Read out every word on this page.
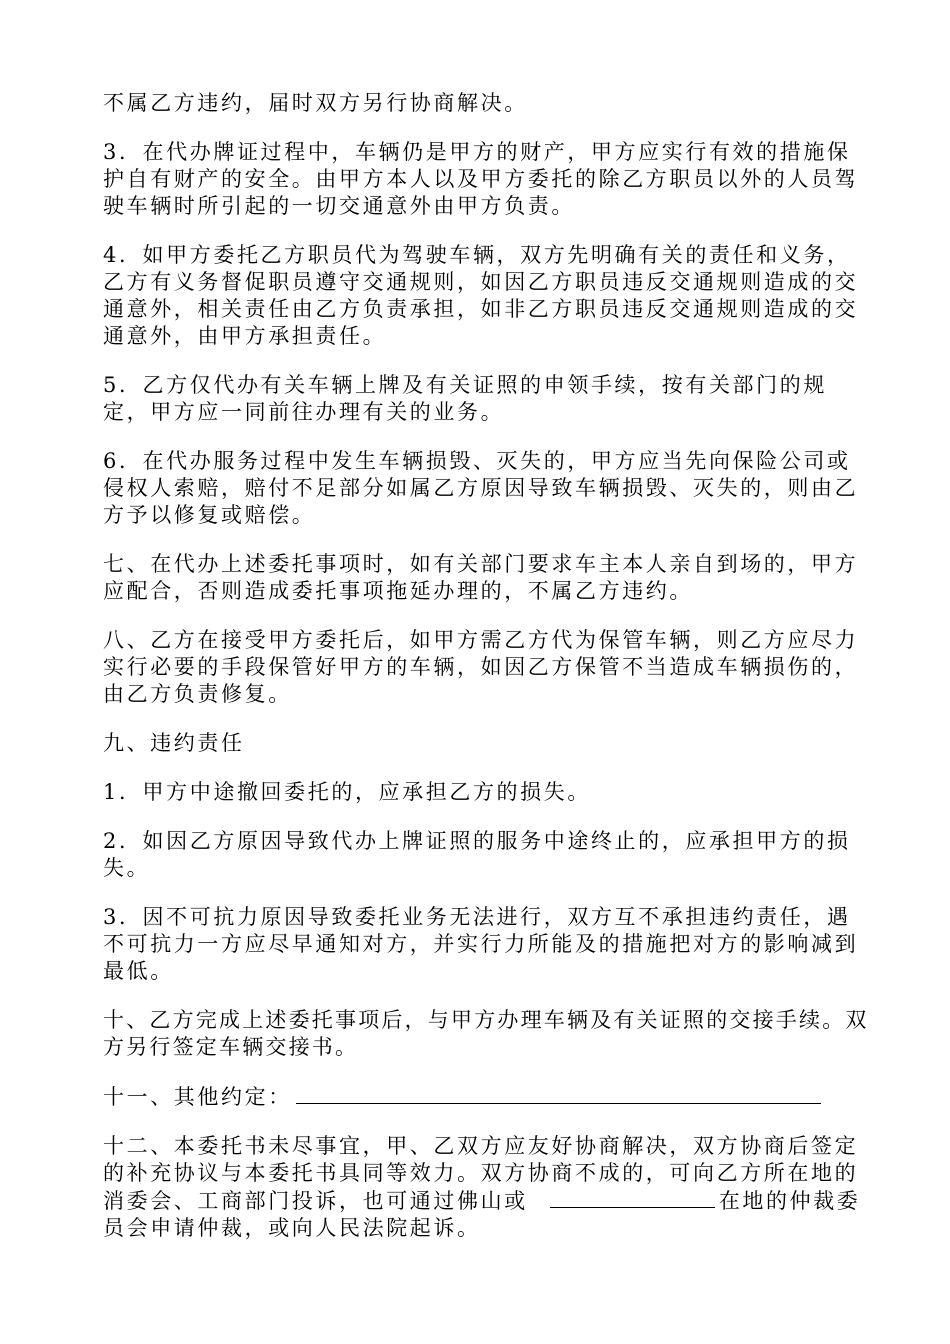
不属乙方违约，届时双方另行协商解决。

3．在代办牌证过程中，车辆仍是甲方的财产，甲方应实行有效的措施保护自有财产的安全。由甲方本人以及甲方委托的除乙方职员以外的人员驾驶车辆时所引起的一切交通意外由甲方负责。

4．如甲方委托乙方职员代为驾驶车辆，双方先明确有关的责任和义务，乙方有义务督促职员遵守交通规则，如因乙方职员违反交通规则造成的交通意外，相关责任由乙方负责承担，如非乙方职员违反交通规则造成的交通意外，由甲方承担责任。

5．乙方仅代办有关车辆上牌及有关证照的申领手续，按有关部门的规定，甲方应一同前往办理有关的业务。

6．在代办服务过程中发生车辆损毁、灭失的，甲方应当先向保险公司或侵权人索赔，赔付不足部分如属乙方原因导致车辆损毁、灭失的，则由乙方予以修复或赔偿。

七、在代办上述委托事项时，如有关部门要求车主本人亲自到场的，甲方应配合，否则造成委托事项拖延办理的，不属乙方违约。

八、乙方在接受甲方委托后，如甲方需乙方代为保管车辆，则乙方应尽力实行必要的手段保管好甲方的车辆，如因乙方保管不当造成车辆损伤的，由乙方负责修复。

九、违约责任

1．甲方中途撤回委托的，应承担乙方的损失。

2．如因乙方原因导致代办上牌证照的服务中途终止的，应承担甲方的损失。

3．因不可抗力原因导致委托业务无法进行，双方互不承担违约责任，遇不可抗力一方应尽早通知对方，并实行力所能及的措施把对方的影响减到最低。

十、乙方完成上述委托事项后，与甲方办理车辆及有关证照的交接手续。双方另行签定车辆交接书。

十一、其他约定：

十二、本委托书未尽事宜，甲、乙双方应友好协商解决，双方协商后签定的补充协议与本委托书具同等效力。双方协商不成的，可向乙方所在地的消委会、工商部门投诉，也可通过佛山或	在地的仲裁委员会申请仲裁，或向人民法院起诉。
